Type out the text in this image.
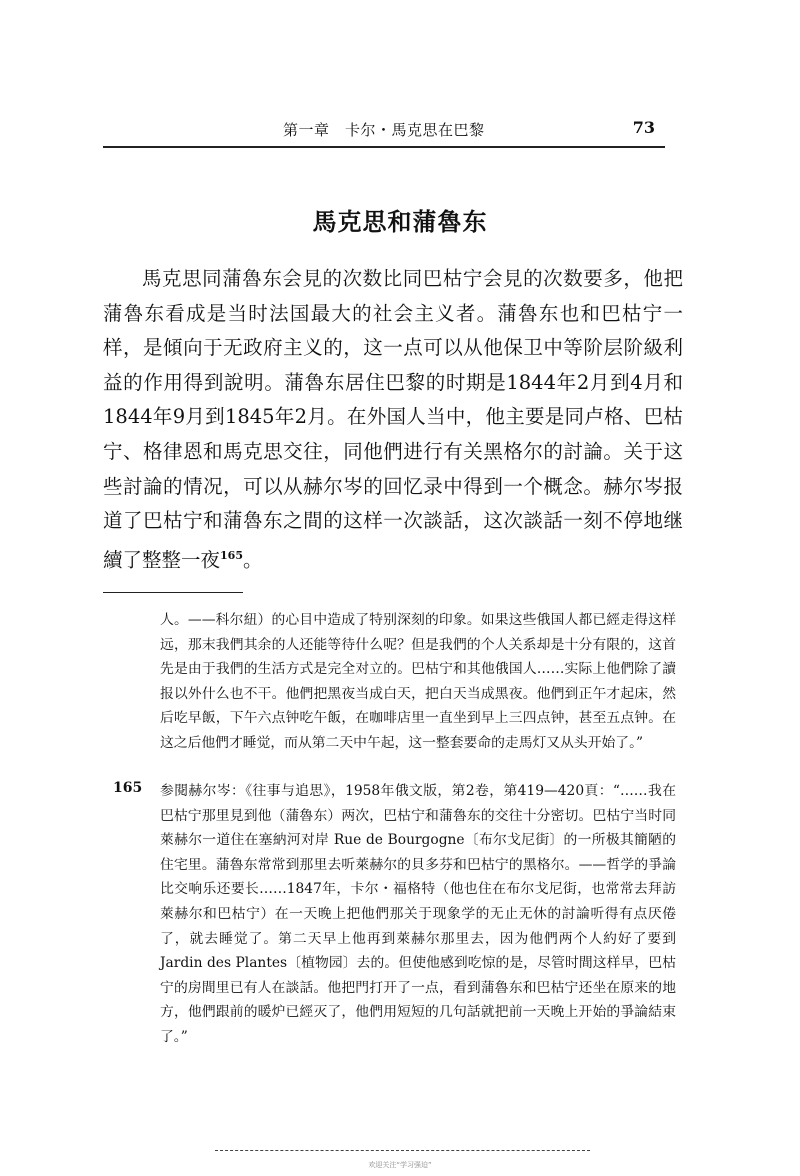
第一章　卡尔・馬克思在巴黎	73
馬克思和蒲魯东

馬克思同蒲魯东会見的次数比同巴枯宁会見的次数要多，他把蒲魯东看成是当时法国最大的社会主义者。蒲魯东也和巴枯宁一样，是傾向于无政府主义的，这一点可以从他保卫中等阶层阶級利益的作用得到說明。蒲魯东居住巴黎的时期是1844年2月到4月和1844年9月到1845年2月。在外国人当中，他主要是同卢格、巴枯宁、格律恩和馬克思交往，同他們进行有关黑格尔的討論。关于这些討論的情况，可以从赫尔岑的回忆录中得到一个概念。赫尔岑报道了巴枯宁和蒲魯东之間的这样一次談話，这次談話一刻不停地继續了整整一夜$^{165}$。

人。——科尔紐）的心目中造成了特别深刻的印象。如果这些俄国人都已經走得这样远，那末我們其余的人还能等待什么呢？但是我們的个人关系却是十分有限的，这首先是由于我們的生活方式是完全对立的。巴枯宁和其他俄国人……实际上他們除了讀报以外什么也不干。他們把黑夜当成白天，把白天当成黑夜。他們到正午才起床，然后吃早飯，下午六点钟吃午飯，在咖啡店里一直坐到早上三四点钟，甚至五点钟。在这之后他們才睡觉，而从第二天中午起，这一整套要命的走馬灯又从头开始了。”

165 参閱赫尔岑：《往事与追思》，1958年俄文版，第2卷，第419—420頁：“……我在巴枯宁那里見到他（蒲魯东）两次，巴枯宁和蒲魯东的交往十分密切。巴枯宁当时同萊赫尔一道住在塞納河对岸 Rue de Bourgogne〔布尔戈尼街〕的一所极其簡陋的住宅里。蒲魯东常常到那里去听萊赫尔的貝多芬和巴枯宁的黑格尔。——哲学的爭論比交响乐还要长……1847年，卡尔・福格特（他也住在布尔戈尼街，也常常去拜訪萊赫尔和巴枯宁）在一天晚上把他們那关于现象学的无止无休的討論听得有点厌倦了，就去睡觉了。第二天早上他再到萊赫尔那里去，因为他們两个人約好了要到 Jardin des Plantes〔植物园〕去的。但使他感到吃惊的是，尽管时間这样早，巴枯宁的房間里已有人在談話。他把門打开了一点，看到蒲魯东和巴枯宁还坐在原来的地方，他們跟前的暖炉已經灭了，他們用短短的几句話就把前一天晚上开始的爭論結束了。”

欢迎关注“学习强迫”
